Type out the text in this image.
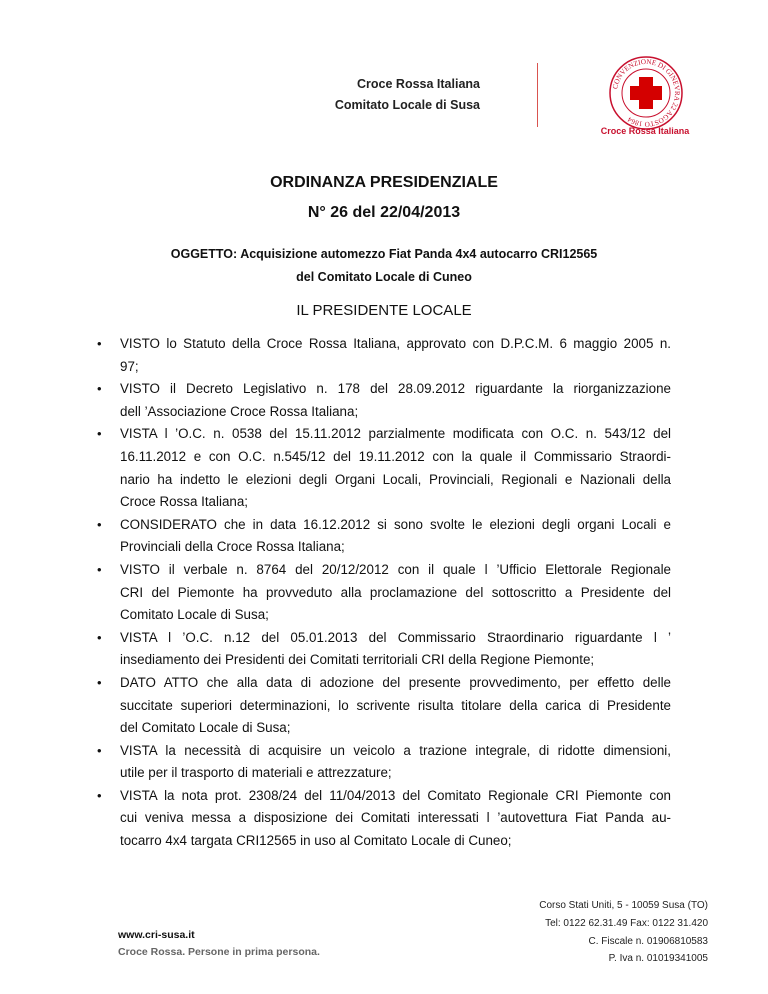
Croce Rossa Italiana
Comitato Locale di Susa
CONVENZIONE DI GINEVRA 22 AGOSTO 1864
Croce Rossa Italiana
ORDINANZA PRESIDENZIALE
N° 26 del 22/04/2013
OGGETTO: Acquisizione automezzo Fiat Panda 4x4 autocarro CRI12565
del Comitato Locale di Cuneo
IL PRESIDENTE LOCALE
• VISTO lo Statuto della Croce Rossa Italiana, approvato con D.P.C.M. 6 maggio 2005 n.
97;
• VISTO il Decreto Legislativo n. 178 del 28.09.2012 riguardante la riorganizzazione
dell ’Associazione Croce Rossa Italiana;
• VISTA l ’O.C. n. 0538 del 15.11.2012 parzialmente modificata con O.C. n. 543/12 del
16.11.2012 e con O.C. n.545/12 del 19.11.2012 con la quale il Commissario Straordi-
nario ha indetto le elezioni degli Organi Locali, Provinciali, Regionali e Nazionali della
Croce Rossa Italiana;
• CONSIDERATO che in data 16.12.2012 si sono svolte le elezioni degli organi Locali e
Provinciali della Croce Rossa Italiana;
• VISTO il verbale n. 8764 del 20/12/2012 con il quale l ’Ufficio Elettorale Regionale
CRI del Piemonte ha provveduto alla proclamazione del sottoscritto a Presidente del
Comitato Locale di Susa;
• VISTA l ’O.C. n.12 del 05.01.2013 del Commissario Straordinario riguardante l ’
insediamento dei Presidenti dei Comitati territoriali CRI della Regione Piemonte;
• DATO ATTO che alla data di adozione del presente provvedimento, per effetto delle
succitate superiori determinazioni, lo scrivente risulta titolare della carica di Presidente
del Comitato Locale di Susa;
• VISTA la necessità di acquisire un veicolo a trazione integrale, di ridotte dimensioni,
utile per il trasporto di materiali e attrezzature;
• VISTA la nota prot. 2308/24 del 11/04/2013 del Comitato Regionale CRI Piemonte con
cui veniva messa a disposizione dei Comitati interessati l ’autovettura Fiat Panda au-
tocarro 4x4 targata CRI12565 in uso al Comitato Locale di Cuneo;
www.cri-susa.it
Croce Rossa. Persone in prima persona.
Corso Stati Uniti, 5 - 10059 Susa (TO)
Tel: 0122 62.31.49 Fax: 0122 31.420
C. Fiscale n. 01906810583
P. Iva n. 01019341005
